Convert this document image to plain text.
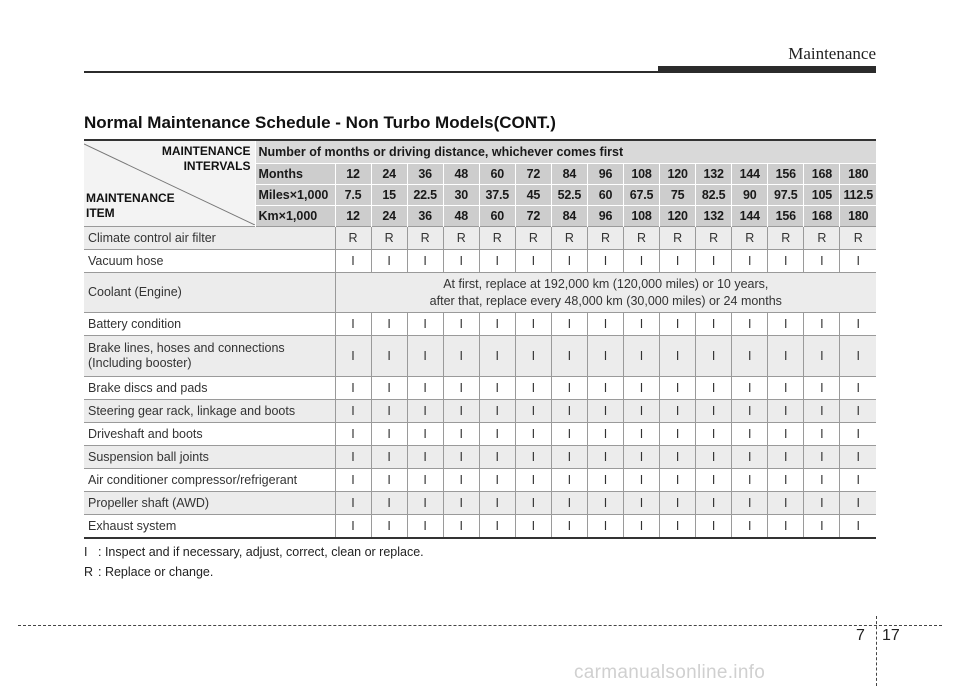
Maintenance
Normal Maintenance Schedule - Non Turbo Models(CONT.)
MAINTENANCE
INTERVALS
MAINTENANCE
ITEM	Number of months or driving distance, whichever comes first															
	Months	12	24	36	48	60	72	84	96	108	120	132	144	156	168	180
	Miles×1,000	7.5	15	22.5	30	37.5	45	52.5	60	67.5	75	82.5	90	97.5	105	112.5
	Km×1,000	12	24	36	48	60	72	84	96	108	120	132	144	156	168	180
Climate control air filter		R	R	R	R	R	R	R	R	R	R	R	R	R	R	R
Vacuum hose		I	I	I	I	I	I	I	I	I	I	I	I	I	I	I
Coolant (Engine)		At first, replace at 192,000 km (120,000 miles) or 10 years,
after that, replace every 48,000 km (30,000 miles) or 24 months														
Battery condition		I	I	I	I	I	I	I	I	I	I	I	I	I	I	I
Brake lines, hoses and connections
(Including booster)		I	I	I	I	I	I	I	I	I	I	I	I	I	I	I
Brake discs and pads		I	I	I	I	I	I	I	I	I	I	I	I	I	I	I
Steering gear rack, linkage and boots		I	I	I	I	I	I	I	I	I	I	I	I	I	I	I
Driveshaft and boots		I	I	I	I	I	I	I	I	I	I	I	I	I	I	I
Suspension ball joints		I	I	I	I	I	I	I	I	I	I	I	I	I	I	I
Air conditioner compressor/refrigerant		I	I	I	I	I	I	I	I	I	I	I	I	I	I	I
Propeller shaft (AWD)		I	I	I	I	I	I	I	I	I	I	I	I	I	I	I
Exhaust system		I	I	I	I	I	I	I	I	I	I	I	I	I	I	I
I : Inspect and if necessary, adjust, correct, clean or replace.
R : Replace or change.
7 17
carmanualsonline.info
